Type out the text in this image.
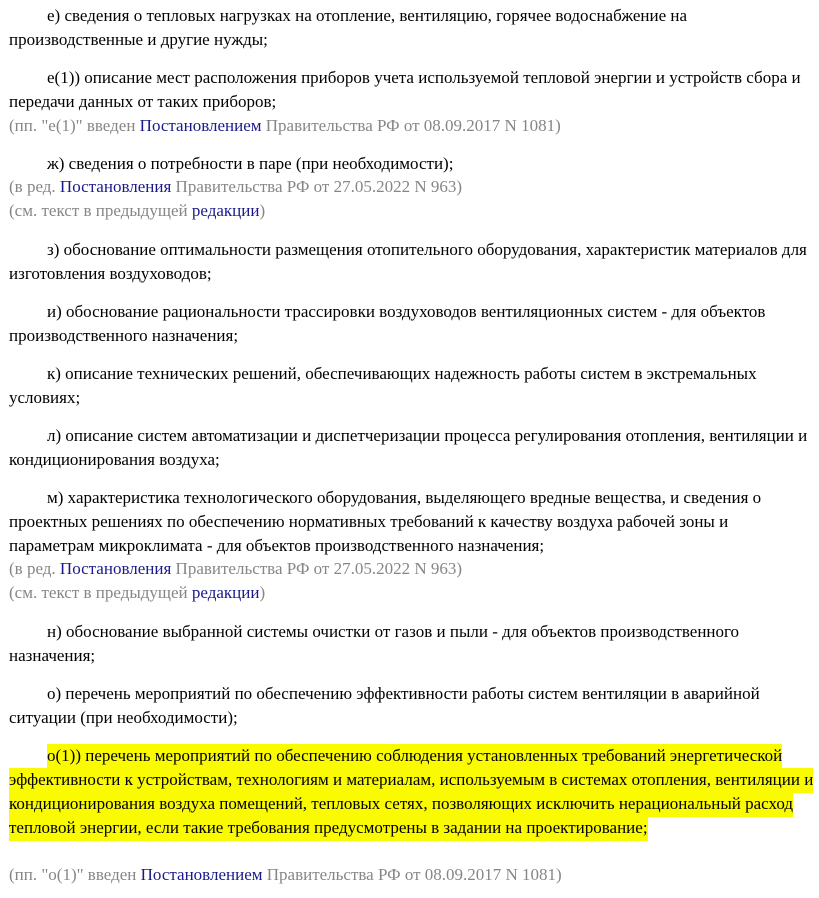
е) сведения о тепловых нагрузках на отопление, вентиляцию, горячее водоснабжение на производственные и другие нужды;

е(1)) описание мест расположения приборов учета используемой тепловой энергии и устройств сбора и передачи данных от таких приборов;

(пп. "е(1)" введен Постановлением Правительства РФ от 08.09.2017 N 1081)

ж) сведения о потребности в паре (при необходимости);

(в ред. Постановления Правительства РФ от 27.05.2022 N 963)
(см. текст в предыдущей редакции)

з) обоснование оптимальности размещения отопительного оборудования, характеристик материалов для изготовления воздуховодов;

и) обоснование рациональности трассировки воздуховодов вентиляционных систем - для объектов производственного назначения;

к) описание технических решений, обеспечивающих надежность работы систем в экстремальных условиях;

л) описание систем автоматизации и диспетчеризации процесса регулирования отопления, вентиляции и кондиционирования воздуха;

м) характеристика технологического оборудования, выделяющего вредные вещества, и сведения о проектных решениях по обеспечению нормативных требований к качеству воздуха рабочей зоны и параметрам микроклимата - для объектов производственного назначения;

(в ред. Постановления Правительства РФ от 27.05.2022 N 963)
(см. текст в предыдущей редакции)

н) обоснование выбранной системы очистки от газов и пыли - для объектов производственного назначения;

о) перечень мероприятий по обеспечению эффективности работы систем вентиляции в аварийной ситуации (при необходимости);

о(1)) перечень мероприятий по обеспечению соблюдения установленных требований энергетической эффективности к устройствам, технологиям и материалам, используемым в системах отопления, вентиляции и кондиционирования воздуха помещений, тепловых сетях, позволяющих исключить нерациональный расход тепловой энергии, если такие требования предусмотрены в задании на проектирование;

(пп. "о(1)" введен Постановлением Правительства РФ от 08.09.2017 N 1081)
